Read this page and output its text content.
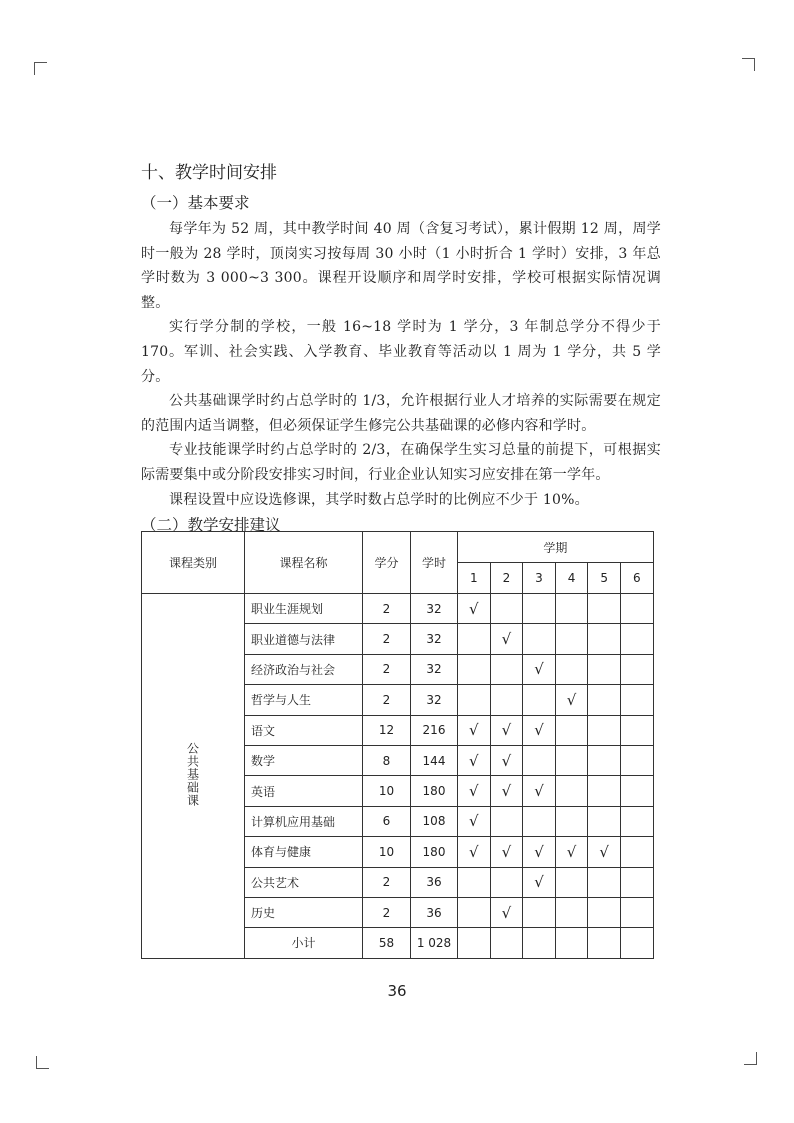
十、教学时间安排
（一）基本要求

每学年为 52 周，其中教学时间 40 周（含复习考试），累计假期 12 周，周学时一般为 28 学时，顶岗实习按每周 30 小时（1 小时折合 1 学时）安排，3 年总学时数为 3 000~3 300。课程开设顺序和周学时安排，学校可根据实际情况调整。

实行学分制的学校，一般 16~18 学时为 1 学分，3 年制总学分不得少于 170。军训、社会实践、入学教育、毕业教育等活动以 1 周为 1 学分，共 5 学分。

公共基础课学时约占总学时的 1/3，允许根据行业人才培养的实际需要在规定的范围内适当调整，但必须保证学生修完公共基础课的必修内容和学时。

专业技能课学时约占总学时的 2/3，在确保学生实习总量的前提下，可根据实际需要集中或分阶段安排实习时间，行业企业认知实习应安排在第一学年。

课程设置中应设选修课，其学时数占总学时的比例应不少于 10%。

（二）教学安排建议
课程类别	课程名称	学分	学时	学期					
				1	2	3	4	5	6
公共基础课	职业生涯规划	2	32	√					
	职业道德与法律	2	32		√				
	经济政治与社会	2	32			√			
	哲学与人生	2	32				√		
	语文	12	216	√	√	√			
	数学	8	144	√	√				
	英语	10	180	√	√	√			
	计算机应用基础	6	108	√					
	体育与健康	10	180	√	√	√	√	√	
	公共艺术	2	36			√			
	历史	2	36		√				
	小计	58	1 028						
36
